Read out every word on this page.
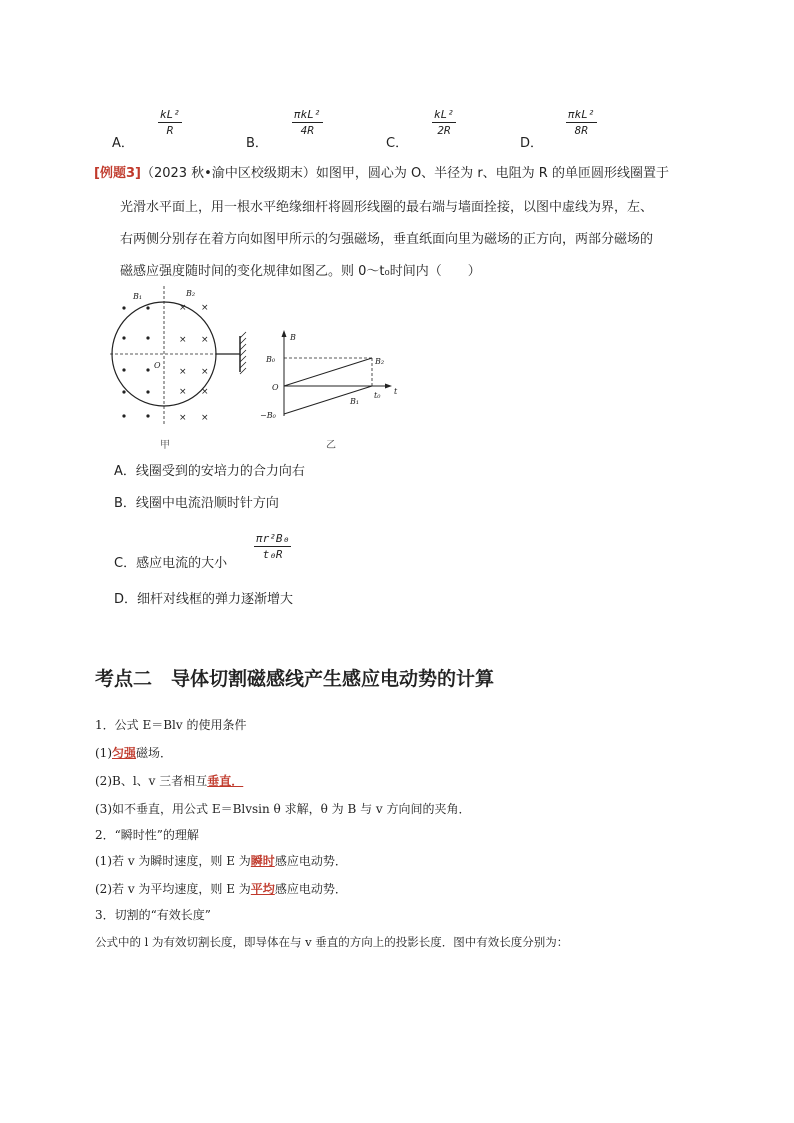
A．
$\frac{\text{kL²}}{R}$
B．
πkL²
4R
C．
$\frac{\text{kL²}}{2R}$
D．
πkL²
8R
[例题3]（2023 秋•渝中区校级期末）如图甲，圆心为 O、半径为 r、电阻为 R 的单匝圆形线圈置于
光滑水平面上，用一根水平绝缘细杆将圆形线圈的最右端与墙面拴接，以图中虚线为界，左、
右两侧分别存在着方向如图甲所示的匀强磁场，垂直纸面向里为磁场的正方向，两部分磁场的
磁感应强度随时间的变化规律如图乙。则 0～t₀时间内（　　）
× ×
× ×
× ×
× ×
× ×
B₁	B₂
O
甲
B
t
B₀
O
−B₀
B₂
B₁
t₀
乙
A．线圈受到的安培力的合力向右
B．线圈中电流沿顺时针方向
C．感应电流的大小
$\frac{\text{πr²B₀}}{\text{t₀R}}$
D．细杆对线框的弹力逐渐增大
考点二　导体切割磁感线产生感应电动势的计算
1．公式 E＝Blv 的使用条件
(1)匀强磁场．
(2)B、l、v 三者相互垂直．
(3)如不垂直，用公式 E＝Blvsin θ 求解，θ 为 B 与 v 方向间的夹角．
2．“瞬时性”的理解
(1)若 v 为瞬时速度，则 E 为瞬时感应电动势．
(2)若 v 为平均速度，则 E 为平均感应电动势．
3．切割的“有效长度”
公式中的 l 为有效切割长度，即导体在与 v 垂直的方向上的投影长度．图中有效长度分别为：
